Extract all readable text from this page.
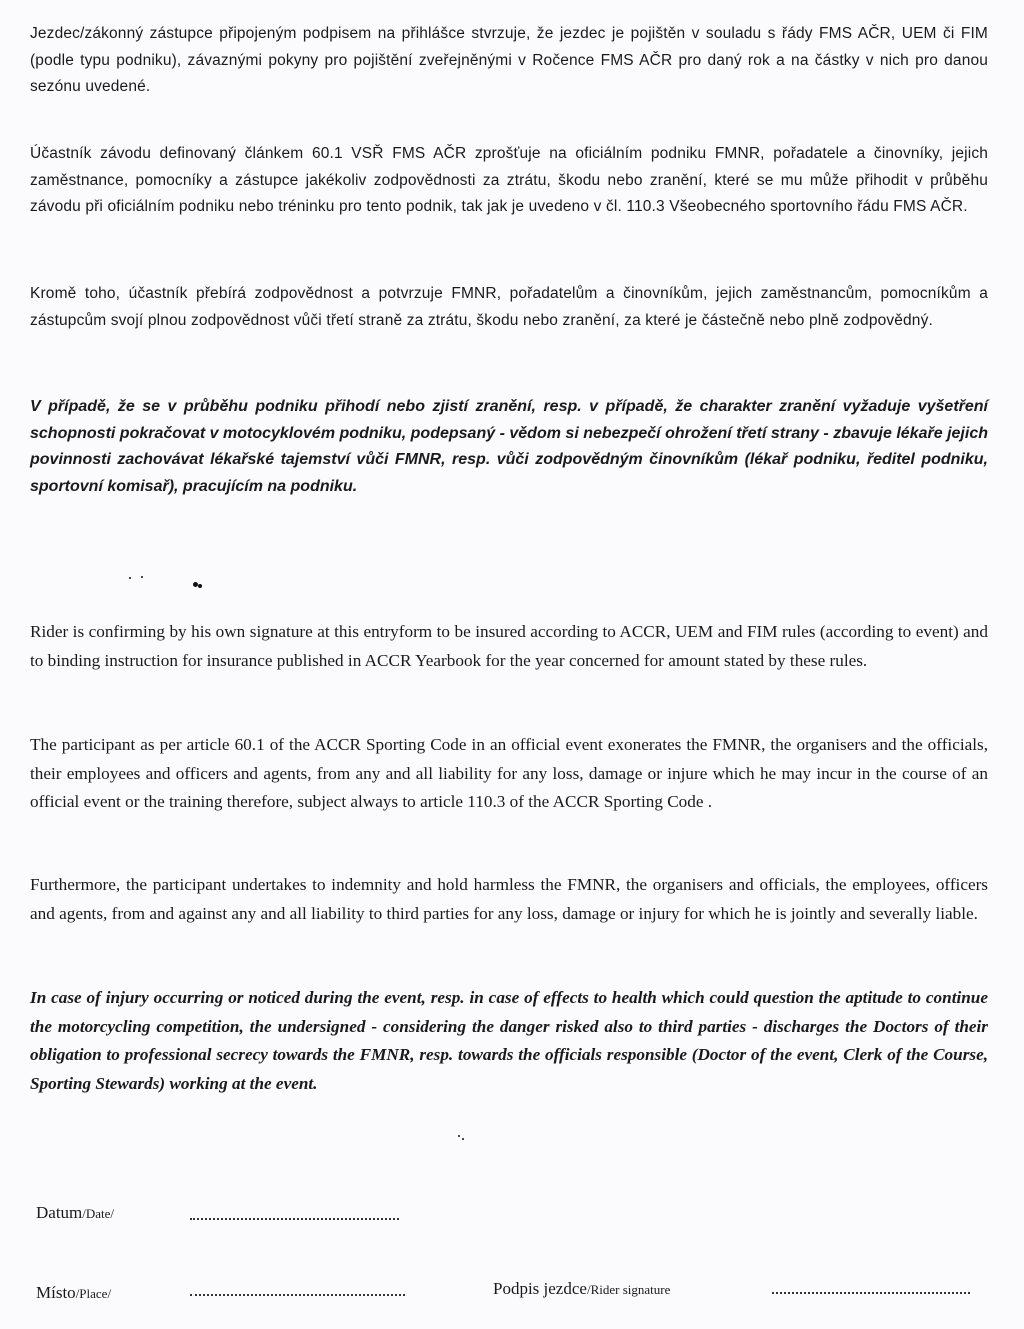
Jezdec/zákonný zástupce připojeným podpisem na přihlášce stvrzuje, že jezdec je pojištěn v souladu s řády FMS AČR, UEM či FIM (podle typu podniku), závaznými pokyny pro pojištění zveřejněnými v Ročence FMS AČR pro daný rok a na částky v nich pro danou sezónu uvedené.

Účastník závodu definovaný článkem 60.1 VSŘ FMS AČR zprošťuje na oficiálním podniku FMNR, pořadatele a činovníky, jejich zaměstnance, pomocníky a zástupce jakékoliv zodpovědnosti za ztrátu, škodu nebo zranění, které se mu může přihodit v průběhu závodu při oficiálním podniku nebo tréninku pro tento podnik, tak jak je uvedeno v čl. 110.3 Všeobecného sportovního řádu FMS AČR.

Kromě toho, účastník přebírá zodpovědnost a potvrzuje FMNR, pořadatelům a činovníkům, jejich zaměstnancům, pomocníkům a zástupcům svojí plnou zodpovědnost vůči třetí straně za ztrátu, škodu nebo zranění, za které je částečně nebo plně zodpovědný.

V případě, že se v průběhu podniku přihodí nebo zjistí zranění, resp. v případě, že charakter zranění vyžaduje vyšetření schopnosti pokračovat v motocyklovém podniku, podepsaný - vědom si nebezpečí ohrožení třetí strany - zbavuje lékaře jejich povinnosti zachovávat lékařské tajemství vůči FMNR, resp. vůči zodpovědným činovníkům (lékař podniku, ředitel podniku, sportovní komisař), pracujícím na podniku.

Rider is confirming by his own signature at this entryform to be insured according to ACCR, UEM and FIM rules (according to event) and to binding instruction for insurance published in ACCR Yearbook for the year concerned for amount stated by these rules.

The participant as per article 60.1 of the ACCR Sporting Code in an official event exonerates the FMNR, the organisers and the officials, their employees and officers and agents, from any and all liability for any loss, damage or injure which he may incur in the course of an official event or the training therefore, subject always to article 110.3 of the ACCR Sporting Code .

Furthermore, the participant undertakes to indemnity and hold harmless the FMNR, the organisers and officials, the employees, officers and agents, from and against any and all liability to third parties for any loss, damage or injury for which he is jointly and severally liable.

In case of injury occurring or noticed during the event, resp. in case of effects to health which could question the aptitude to continue the motorcycling competition, the undersigned - considering the danger risked also to third parties - discharges the Doctors of their obligation to professional secrecy towards the FMNR, resp. towards the officials responsible (Doctor of the event, Clerk of the Course, Sporting Stewards) working at the event.

Datum/Date/
Místo/Place/	Podpis jezdce/Rider signature
